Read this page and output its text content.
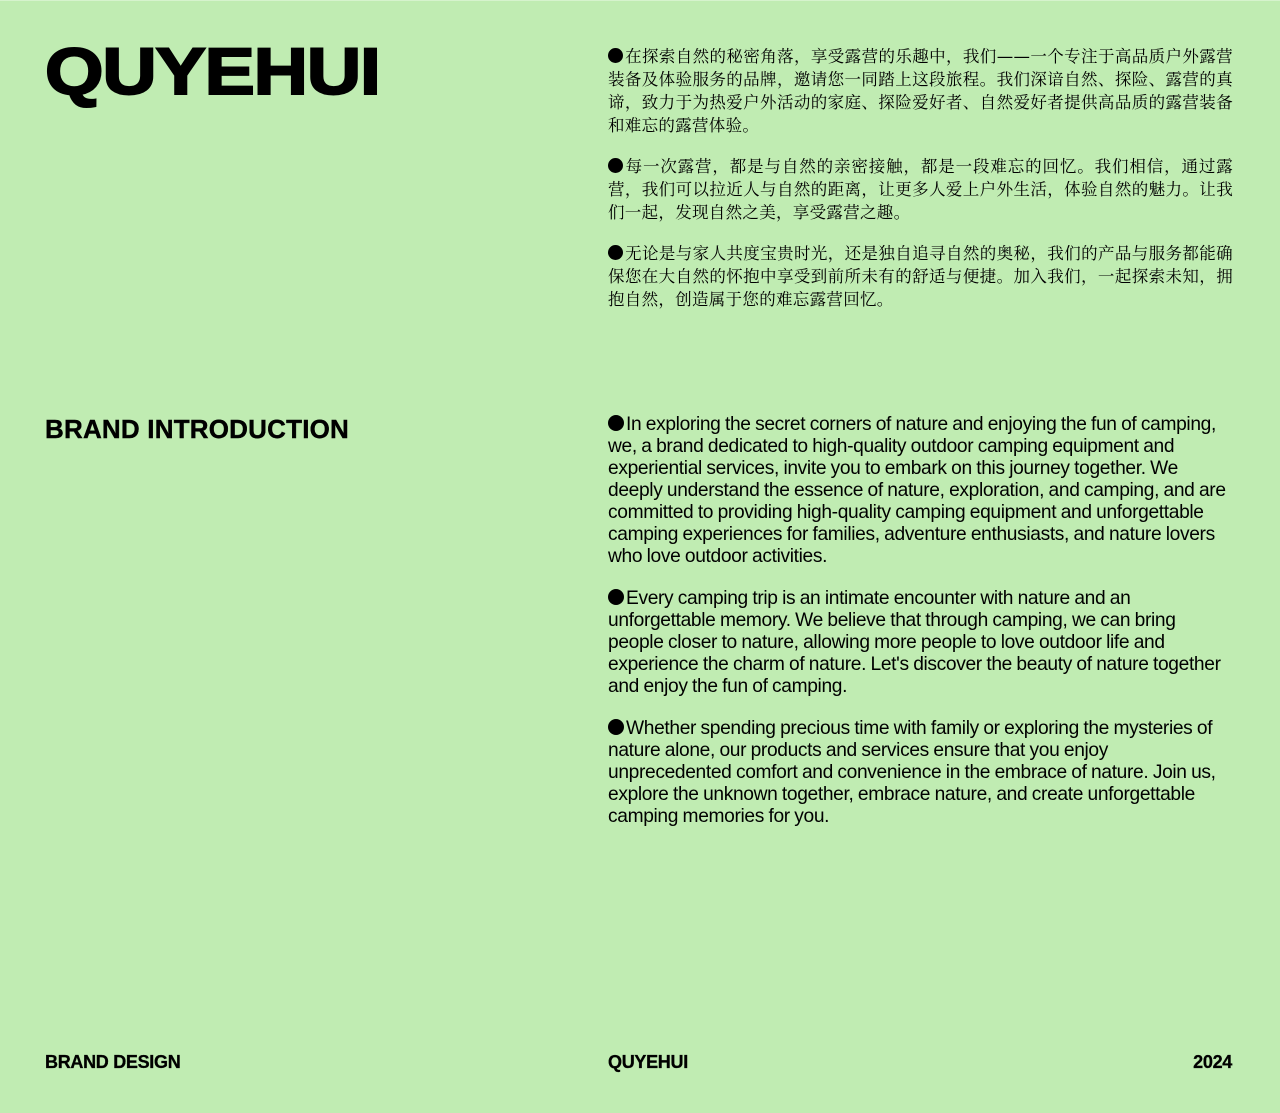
QUYEHUI
BRAND INTRODUCTION

在探索自然的秘密角落，享受露营的乐趣中，我们——一个专注于高品质户外露营装备及体验服务的品牌，邀请您一同踏上这段旅程。我们深谙自然、探险、露营的真谛，致力于为热爱户外活动的家庭、探险爱好者、自然爱好者提供高品质的露营装备和难忘的露营体验。

每一次露营，都是与自然的亲密接触，都是一段难忘的回忆。我们相信，通过露营，我们可以拉近人与自然的距离，让更多人爱上户外生活，体验自然的魅力。让我们一起，发现自然之美，享受露营之趣。

无论是与家人共度宝贵时光，还是独自追寻自然的奥秘，我们的产品与服务都能确保您在大自然的怀抱中享受到前所未有的舒适与便捷。加入我们，一起探索未知，拥抱自然，创造属于您的难忘露营回忆。

In exploring the secret corners of nature and enjoying the fun of camping, we, a brand dedicated to high-quality outdoor camping equipment and experiential services, invite you to embark on this journey together. We deeply understand the essence of nature, exploration, and camping, and are committed to providing high-quality camping equipment and unforgettable camping experiences for families, adventure enthusiasts, and nature lovers who love outdoor activities.

Every camping trip is an intimate encounter with nature and an unforgettable memory. We believe that through camping, we can bring people closer to nature, allowing more people to love outdoor life and experience the charm of nature. Let's discover the beauty of nature together and enjoy the fun of camping.

Whether spending precious time with family or exploring the mysteries of nature alone, our products and services ensure that you enjoy unprecedented comfort and convenience in the embrace of nature. Join us, explore the unknown together, embrace nature, and create unforgettable camping memories for you.

BRAND DESIGN	QUYEHUI	2024
